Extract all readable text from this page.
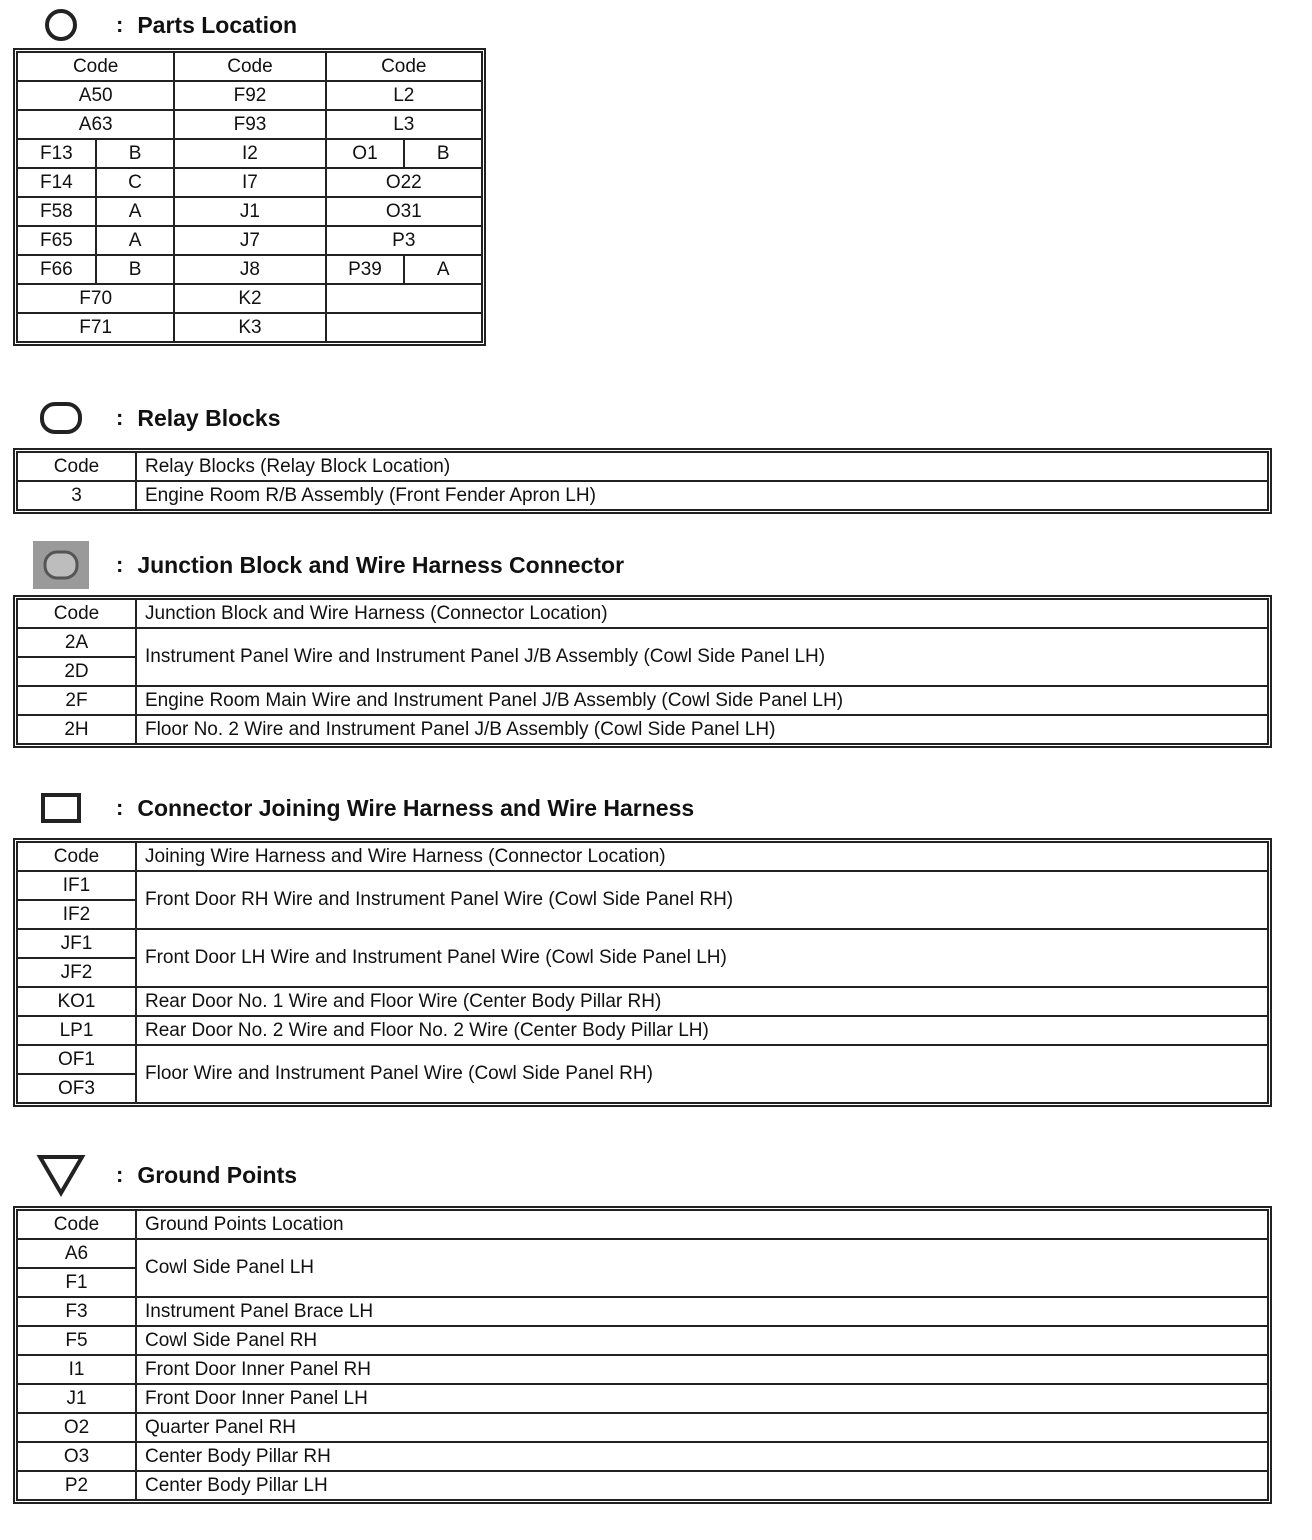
: Parts Location
Code		Code	Code	
A50		F92	L2	
A63		F93	L3	
F13	B	I2	O1	B
F14	C	I7	O22	
F58	A	J1	O31	
F65	A	J7	P3	
F66	B	J8	P39	A
F70		K2		
F71		K3		
: Relay Blocks
Code	Relay Blocks (Relay Block Location)
3	Engine Room R/B Assembly (Front Fender Apron LH)
: Junction Block and Wire Harness Connector
Code	Junction Block and Wire Harness (Connector Location)
2A	Instrument Panel Wire and Instrument Panel J/B Assembly (Cowl Side Panel LH)
2D	
2F	Engine Room Main Wire and Instrument Panel J/B Assembly (Cowl Side Panel LH)
2H	Floor No. 2 Wire and Instrument Panel J/B Assembly (Cowl Side Panel LH)
: Connector Joining Wire Harness and Wire Harness
Code	Joining Wire Harness and Wire Harness (Connector Location)
IF1	Front Door RH Wire and Instrument Panel Wire (Cowl Side Panel RH)
IF2	
JF1	Front Door LH Wire and Instrument Panel Wire (Cowl Side Panel LH)
JF2	
KO1	Rear Door No. 1 Wire and Floor Wire (Center Body Pillar RH)
LP1	Rear Door No. 2 Wire and Floor No. 2 Wire (Center Body Pillar LH)
OF1	Floor Wire and Instrument Panel Wire (Cowl Side Panel RH)
OF3	
: Ground Points
Code	Ground Points Location
A6	Cowl Side Panel LH
F1	
F3	Instrument Panel Brace LH
F5	Cowl Side Panel RH
I1	Front Door Inner Panel RH
J1	Front Door Inner Panel LH
O2	Quarter Panel RH
O3	Center Body Pillar RH
P2	Center Body Pillar LH
